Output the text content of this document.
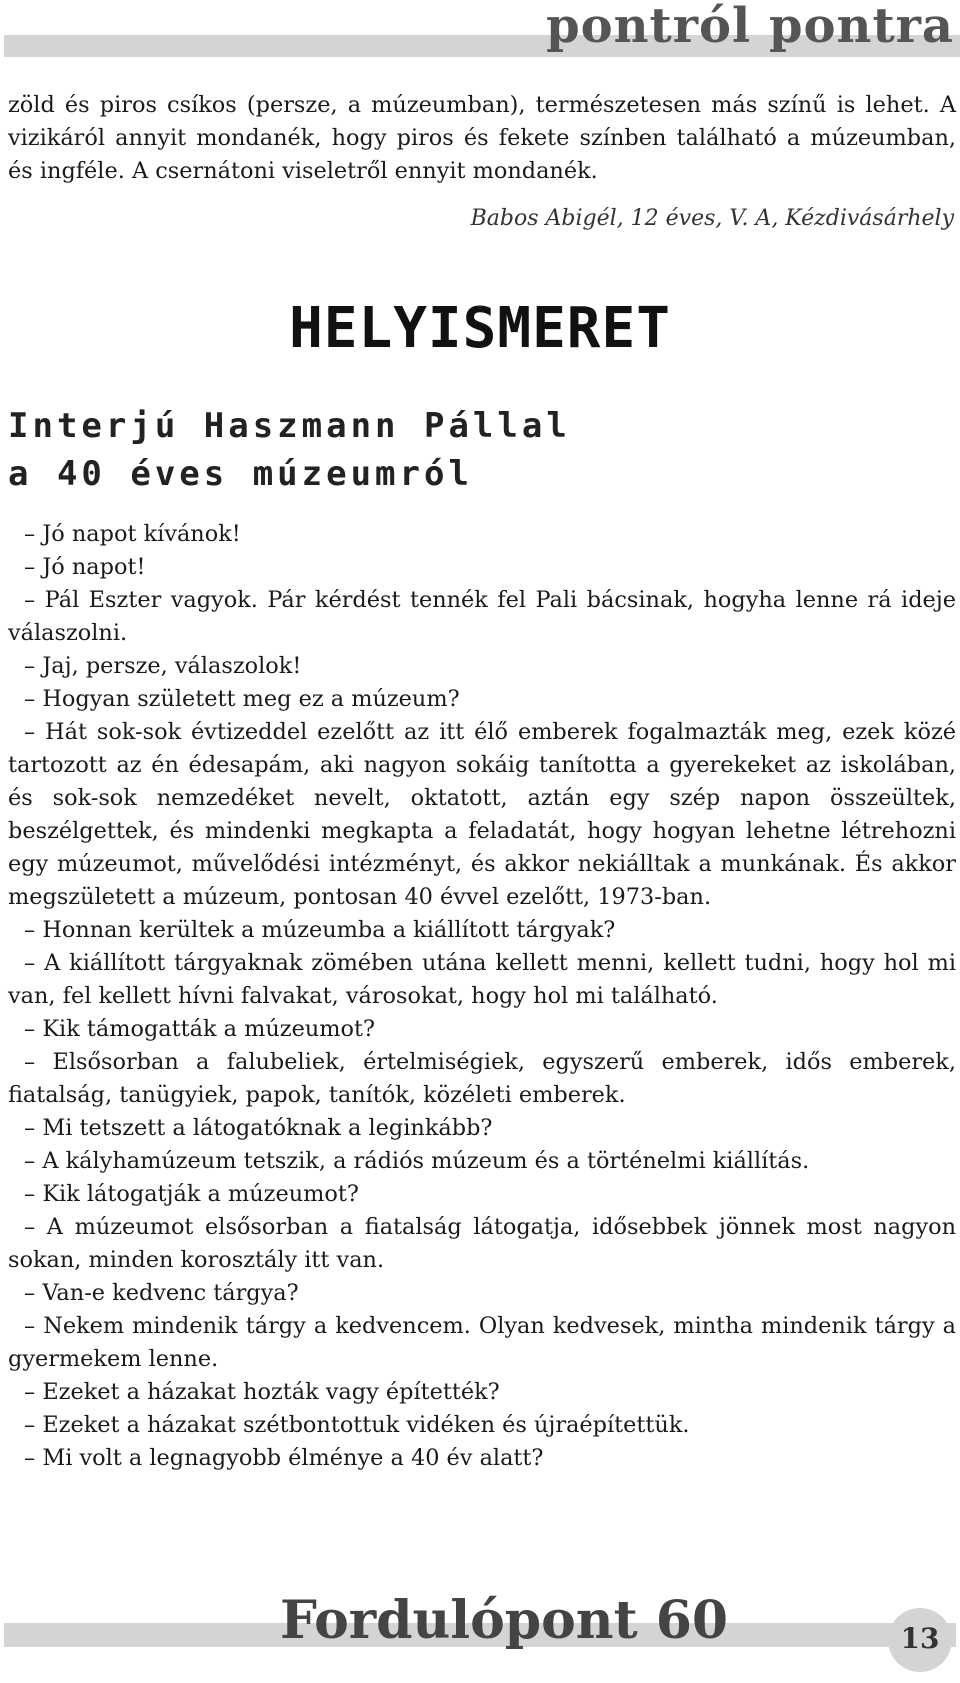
pontról pontra

zöld és piros csíkos (persze, a múzeumban), természetesen más színű is lehet. A vizikáról annyit mondanék, hogy piros és fekete színben található a múzeumban, és ingféle. A csernátoni viseletről ennyit mondanék.

Babos Abigél, 12 éves, V. A, Kézdivásárhely
HELYISMERET
Interjú Haszmann Pállal
a 40 éves múzeumról

– Jó napot kívánok!

– Jó napot!

– Pál Eszter vagyok. Pár kérdést tennék fel Pali bácsinak, hogyha lenne rá ideje válaszolni.

– Jaj, persze, válaszolok!

– Hogyan született meg ez a múzeum?

– Hát sok-sok évtizeddel ezelőtt az itt élő emberek fogalmazták meg, ezek közé tartozott az én édesapám, aki nagyon sokáig tanította a gyerekeket az iskolában, és sok-sok nemzedéket nevelt, oktatott, aztán egy szép napon összeültek, beszélgettek, és mindenki megkapta a feladatát, hogy hogyan lehetne létrehozni egy múzeumot, művelődési intézményt, és akkor nekiálltak a munkának. És akkor megszületett a múzeum, pontosan 40 évvel ezelőtt, 1973-ban.

– Honnan kerültek a múzeumba a kiállított tárgyak?

– A kiállított tárgyaknak zömében utána kellett menni, kellett tudni, hogy hol mi van, fel kellett hívni falvakat, városokat, hogy hol mi található.

– Kik támogatták a múzeumot?

– Elsősorban a falubeliek, értelmiségiek, egyszerű emberek, idős emberek, fiatalság, tanügyiek, papok, tanítók, közéleti emberek.

– Mi tetszett a látogatóknak a leginkább?

– A kályhamúzeum tetszik, a rádiós múzeum és a történelmi kiállítás.

– Kik látogatják a múzeumot?

– A múzeumot elsősorban a fiatalság látogatja, idősebbek jönnek most nagyon sokan, minden korosztály itt van.

– Van-e kedvenc tárgya?

– Nekem mindenik tárgy a kedvencem. Olyan kedvesek, mintha mindenik tárgy a gyermekem lenne.

– Ezeket a házakat hozták vagy építették?

– Ezeket a házakat szétbontottuk vidéken és újraépítettük.

– Mi volt a legnagyobb élménye a 40 év alatt?

Fordulópont 60	13
